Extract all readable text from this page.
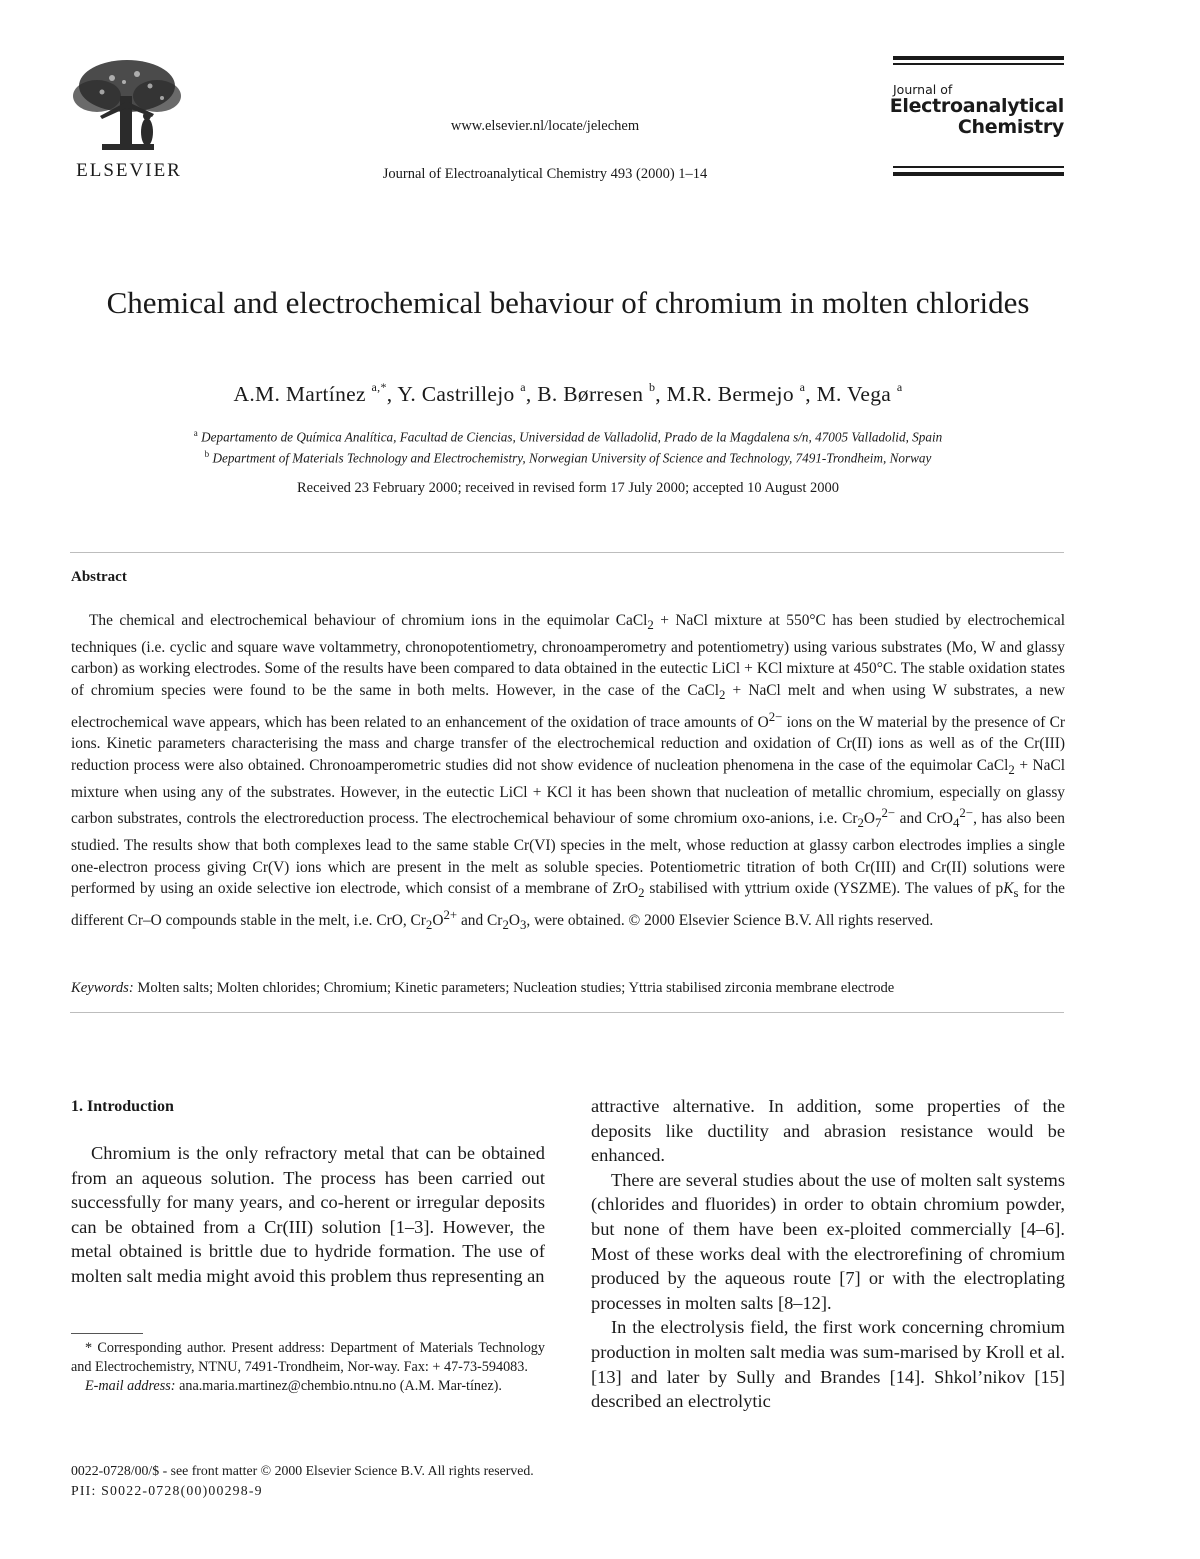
ELSEVIER
www.elsevier.nl/locate/jelechem
Journal of Electroanalytical Chemistry 493 (2000) 1–14
Journal of
Electroanalytical
Chemistry
Chemical and electrochemical behaviour of chromium in molten chlorides
A.M. Martínez $^{a,*}$, Y. Castrillejo $^a$, B. Børresen $^b$, M.R. Bermejo $^a$, M. Vega $^a$
$^a$ Departamento de Química Analítica, Facultad de Ciencias, Universidad de Valladolid, Prado de la Magdalena s/n, 47005 Valladolid, Spain
$^b$ Department of Materials Technology and Electrochemistry, Norwegian University of Science and Technology, 7491-Trondheim, Norway
Received 23 February 2000; received in revised form 17 July 2000; accepted 10 August 2000
Abstract
The chemical and electrochemical behaviour of chromium ions in the equimolar CaCl$_2$ + NaCl mixture at 550°C has been studied by electrochemical techniques (i.e. cyclic and square wave voltammetry, chronopotentiometry, chronoamperometry and potentiometry) using various substrates (Mo, W and glassy carbon) as working electrodes. Some of the results have been compared to data obtained in the eutectic LiCl + KCl mixture at 450°C. The stable oxidation states of chromium species were found to be the same in both melts. However, in the case of the CaCl$_2$ + NaCl melt and when using W substrates, a new electrochemical wave appears, which has been related to an enhancement of the oxidation of trace amounts of $O^{2-}$ ions on the W material by the presence of Cr ions. Kinetic parameters characterising the mass and charge transfer of the electrochemical reduction and oxidation of Cr(II) ions as well as of the Cr(III) reduction process were also obtained. Chronoamperometric studies did not show evidence of nucleation phenomena in the case of the equimolar CaCl$_2$ + NaCl mixture when using any of the substrates. However, in the eutectic LiCl + KCl it has been shown that nucleation of metallic chromium, especially on glassy carbon substrates, controls the electroreduction process. The electrochemical behaviour of some chromium oxo-anions, i.e. $Cr_2O_7^{2-}$ and CrO$_4^{2-}$, has also been studied. The results show that both complexes lead to the same stable Cr(VI) species in the melt, whose reduction at glassy carbon electrodes implies a single one-electron process giving Cr(V) ions which are present in the melt as soluble species. Potentiometric titration of both Cr(III) and Cr(II) solutions were performed by using an oxide selective ion electrode, which consist of a membrane of ZrO$_2$ stabilised with yttrium oxide (YSZME). The values of $pK_s$ for the different Cr–O compounds stable in the melt, i.e. CrO, $Cr_2O^{2+}$ and $Cr_2O_3$, were obtained. © 2000 Elsevier Science B.V. All rights reserved.
Keywords: Molten salts; Molten chlorides; Chromium; Kinetic parameters; Nucleation studies; Yttria stabilised zirconia membrane electrode
1. Introduction

Chromium is the only refractory metal that can be obtained from an aqueous solution. The process has been carried out successfully for many years, and co-herent or irregular deposits can be obtained from a Cr(III) solution [1–3]. However, the metal obtained is brittle due to hydride formation. The use of molten salt media might avoid this problem thus representing an

attractive alternative. In addition, some properties of the deposits like ductility and abrasion resistance would be enhanced.

There are several studies about the use of molten salt systems (chlorides and fluorides) in order to obtain chromium powder, but none of them have been ex-ploited commercially [4–6]. Most of these works deal with the electrorefining of chromium produced by the aqueous route [7] or with the electroplating processes in molten salts [8–12].

In the electrolysis field, the first work concerning chromium production in molten salt media was sum-marised by Kroll et al. [13] and later by Sully and Brandes [14]. Shkol’nikov [15] described an electrolytic

* Corresponding author. Present address: Department of Materials Technology and Electrochemistry, NTNU, 7491-Trondheim, Nor-way. Fax: + 47-73-594083.

E-mail address: ana.maria.martinez@chembio.ntnu.no (A.M. Mar-tínez).

0022-0728/00/$ - see front matter © 2000 Elsevier Science B.V. All rights reserved.
PII: S0022-0728(00)00298-9
